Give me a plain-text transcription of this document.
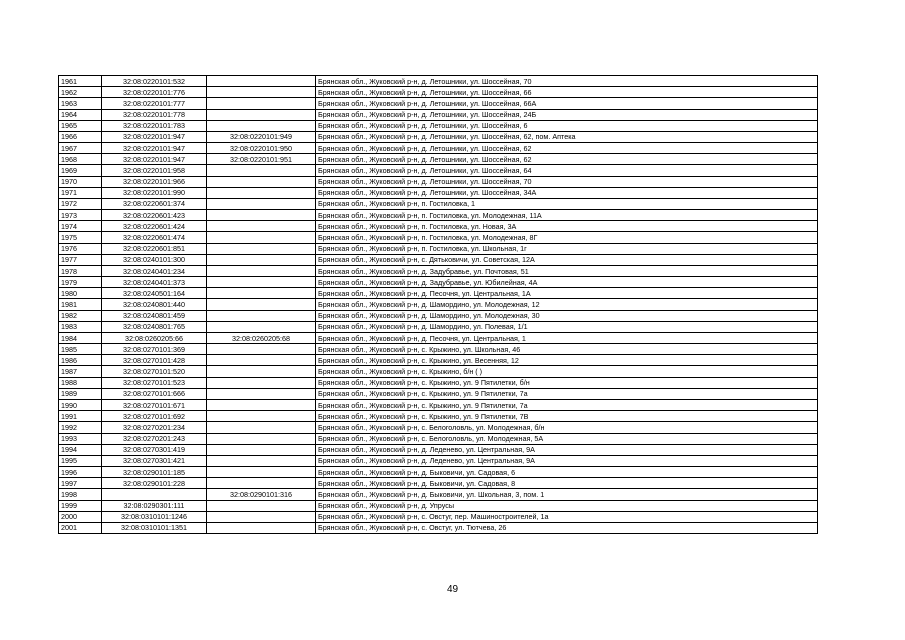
1961	32:08:0220101:532		Брянская обл., Жуковский р-н, д. Летошники, ул. Шоссейная, 70
1962	32:08:0220101:776		Брянская обл., Жуковский р-н, д. Летошники, ул. Шоссейная, 66
1963	32:08:0220101:777		Брянская обл., Жуковский р-н, д. Летошники, ул. Шоссейная, 66А
1964	32:08:0220101:778		Брянская обл., Жуковский р-н, д. Летошники, ул. Шоссейная, 24Б
1965	32:08:0220101:783		Брянская обл., Жуковский р-н, д. Летошники, ул. Шоссейная, 6
1966	32:08:0220101:947	32:08:0220101:949	Брянская обл., Жуковский р-н, д. Летошники, ул. Шоссейная, 62, пом. Аптека
1967	32:08:0220101:947	32:08:0220101:950	Брянская обл., Жуковский р-н, д. Летошники, ул. Шоссейная, 62
1968	32:08:0220101:947	32:08:0220101:951	Брянская обл., Жуковский р-н, д. Летошники, ул. Шоссейная, 62
1969	32:08:0220101:958		Брянская обл., Жуковский р-н, д. Летошники, ул. Шоссейная, 64
1970	32:08:0220101:966		Брянская обл., Жуковский р-н, д. Летошники, ул. Шоссейная, 70
1971	32:08:0220101:990		Брянская обл., Жуковский р-н, д. Летошники, ул. Шоссейная, 34А
1972	32:08:0220601:374		Брянская обл., Жуковский р-н, п. Гостиловка, 1
1973	32:08:0220601:423		Брянская обл., Жуковский р-н, п. Гостиловка, ул. Молодежная, 11А
1974	32:08:0220601:424		Брянская обл., Жуковский р-н, п. Гостиловка, ул. Новая, 3А
1975	32:08:0220601:474		Брянская обл., Жуковский р-н, п. Гостиловка, ул. Молодежная, 8Г
1976	32:08:0220601:851		Брянская обл., Жуковский р-н, п. Гостиловка, ул. Школьная, 1г
1977	32:08:0240101:300		Брянская обл., Жуковский р-н, с. Дятьковичи, ул. Советская, 12А
1978	32:08:0240401:234		Брянская обл., Жуковский р-н, д. Задубравье, ул. Почтовая, 51
1979	32:08:0240401:373		Брянская обл., Жуковский р-н, д. Задубравье, ул. Юбилейная, 4А
1980	32:08:0240501:164		Брянская обл., Жуковский р-н, д. Песочня, ул. Центральная, 1А
1981	32:08:0240801:440		Брянская обл., Жуковский р-н, д. Шамордино, ул. Молодежная, 12
1982	32:08:0240801:459		Брянская обл., Жуковский р-н, д. Шамордино, ул. Молодежная, 30
1983	32:08:0240801:765		Брянская обл., Жуковский р-н, д. Шамордино, ул. Полевая, 1/1
1984	32:08:0260205:66	32:08:0260205:68	Брянская обл., Жуковский р-н, д. Песочня, ул. Центральная, 1
1985	32:08:0270101:369		Брянская обл., Жуковский р-н, с. Крыжино, ул. Школьная, 46
1986	32:08:0270101:428		Брянская обл., Жуковский р-н, с. Крыжино, ул. Весенняя, 12
1987	32:08:0270101:520		Брянская обл., Жуковский р-н, с. Крыжино, б/н ( )
1988	32:08:0270101:523		Брянская обл., Жуковский р-н, с. Крыжино, ул. 9 Пятилетки, б/н
1989	32:08:0270101:666		Брянская обл., Жуковский р-н, с. Крыжино, ул. 9 Пятилетки, 7а
1990	32:08:0270101:671		Брянская обл., Жуковский р-н, с. Крыжино, ул. 9 Пятилетки, 7а
1991	32:08:0270101:692		Брянская обл., Жуковский р-н, с. Крыжино, ул. 9 Пятилетки, 7В
1992	32:08:0270201:234		Брянская обл., Жуковский р-н, с. Белоголовль, ул. Молодежная, б/н
1993	32:08:0270201:243		Брянская обл., Жуковский р-н, с. Белоголовль, ул. Молодежная, 5А
1994	32:08:0270301:419		Брянская обл., Жуковский р-н, д. Леденево, ул. Центральная, 9А
1995	32:08:0270301:421		Брянская обл., Жуковский р-н, д. Леденево, ул. Центральная, 9А
1996	32:08:0290101:185		Брянская обл., Жуковский р-н, д. Быковичи, ул. Садовая, 6
1997	32:08:0290101:228		Брянская обл., Жуковский р-н, д. Быковичи, ул. Садовая, 8
1998		32:08:0290101:316	Брянская обл., Жуковский р-н, д. Быковичи, ул. Школьная, 3, пом. 1
1999	32:08:0290301:111		Брянская обл., Жуковский р-н, д. Упрусы
2000	32:08:0310101:1246		Брянская обл., Жуковский р-н, с. Овстуг, пер. Машиностроителей, 1а
2001	32:08:0310101:1351		Брянская обл., Жуковский р-н, с. Овстуг, ул. Тютчева, 26
49
